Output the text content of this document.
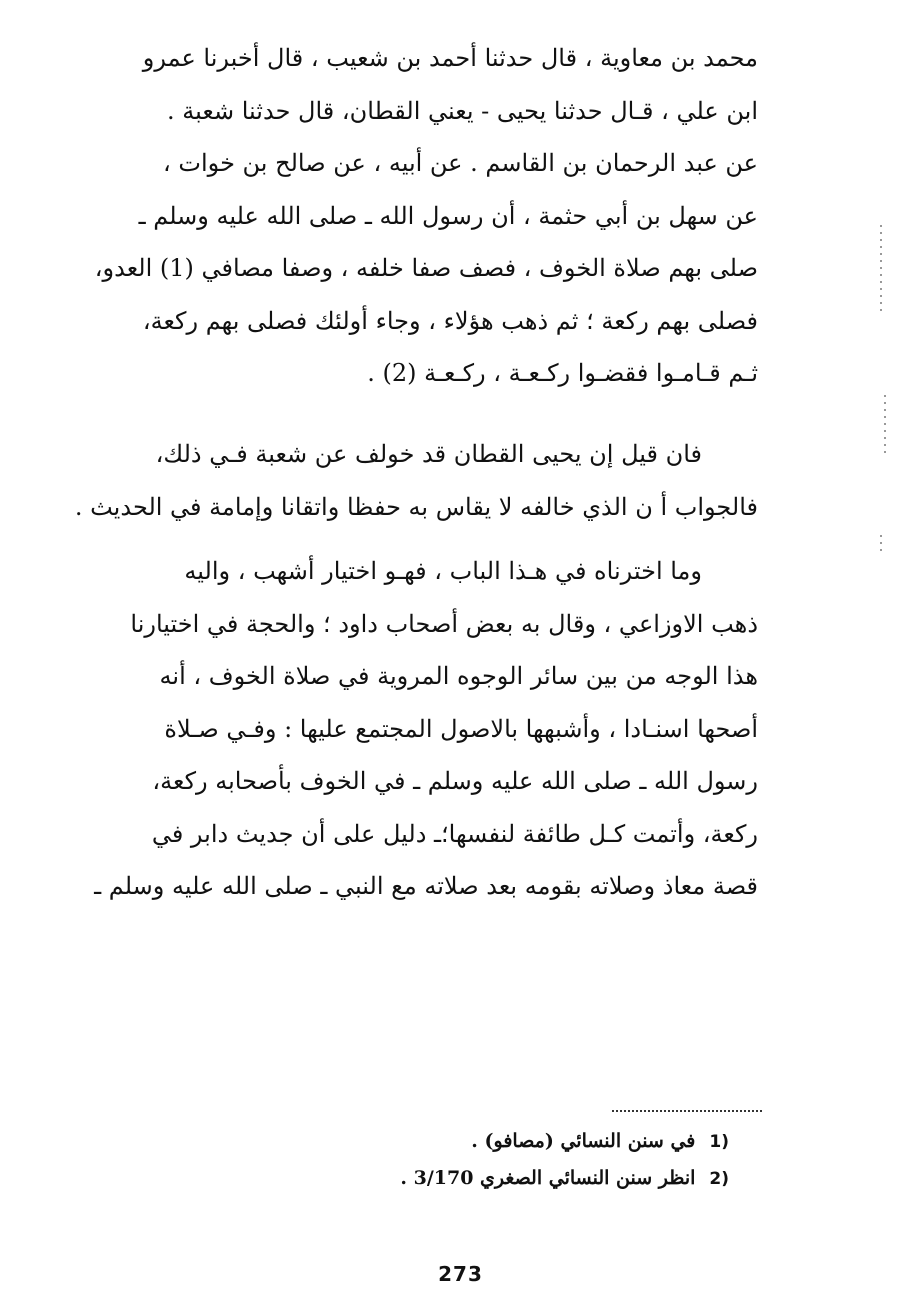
محمد بن معاوية ، قال حدثنا أحمد بن شعيب ، قال أخبرنا عمرو
ابن علي ، قـال حدثنا يحيى - يعني القطان، قال حدثنا شعبة .
عن عبد الرحمان بن القاسم . عن أبيه ، عن صالح بن خوات ،
عن سهل بن أبي حثمة ، أن رسول الله ـ صلى الله عليه وسلم ـ
صلى بهم صلاة الخوف ، فصف صفا خلفه ، وصفا مصافي (1) العدو،
فصلى بهم ركعة ؛ ثم ذهب هؤلاء ، وجاء أولئك فصلى بهم ركعة،
ثـم قـامـوا فقضـوا ركـعـة ، ركـعـة (2) .
فان قيل إن يحيى القطان قد خولف عن شعبة فـي ذلك،
فالجواب أ ن الذي خالفه لا يقاس به حفظا واتقانا وإمامة في الحديث .
وما اخترناه في هـذا الباب ، فهـو اختيار أشهب ، واليه
ذهب الاوزاعي ، وقال به بعض أصحاب داود ؛ والحجة في اختيارنا
هذا الوجه من بين سائر الوجوه المروية في صلاة الخوف ، أنه
أصحها اسنـادا ، وأشبهها بالاصول المجتمع عليها : وفـي صـلاة
رسول الله ـ صلى الله عليه وسلم ـ في الخوف بأصحابه ركعة،
ركعة، وأتمت كـل طائفة لنفسها؛ـ دليل على أن جديث دابر في
قصة معاذ وصلاته بقومه بعد صلاته مع النبي ـ صلى الله عليه وسلم ـ
1)في سنن النسائي (مصافو) .
2)انظر سنن النسائي الصغري 3/170 .
273
